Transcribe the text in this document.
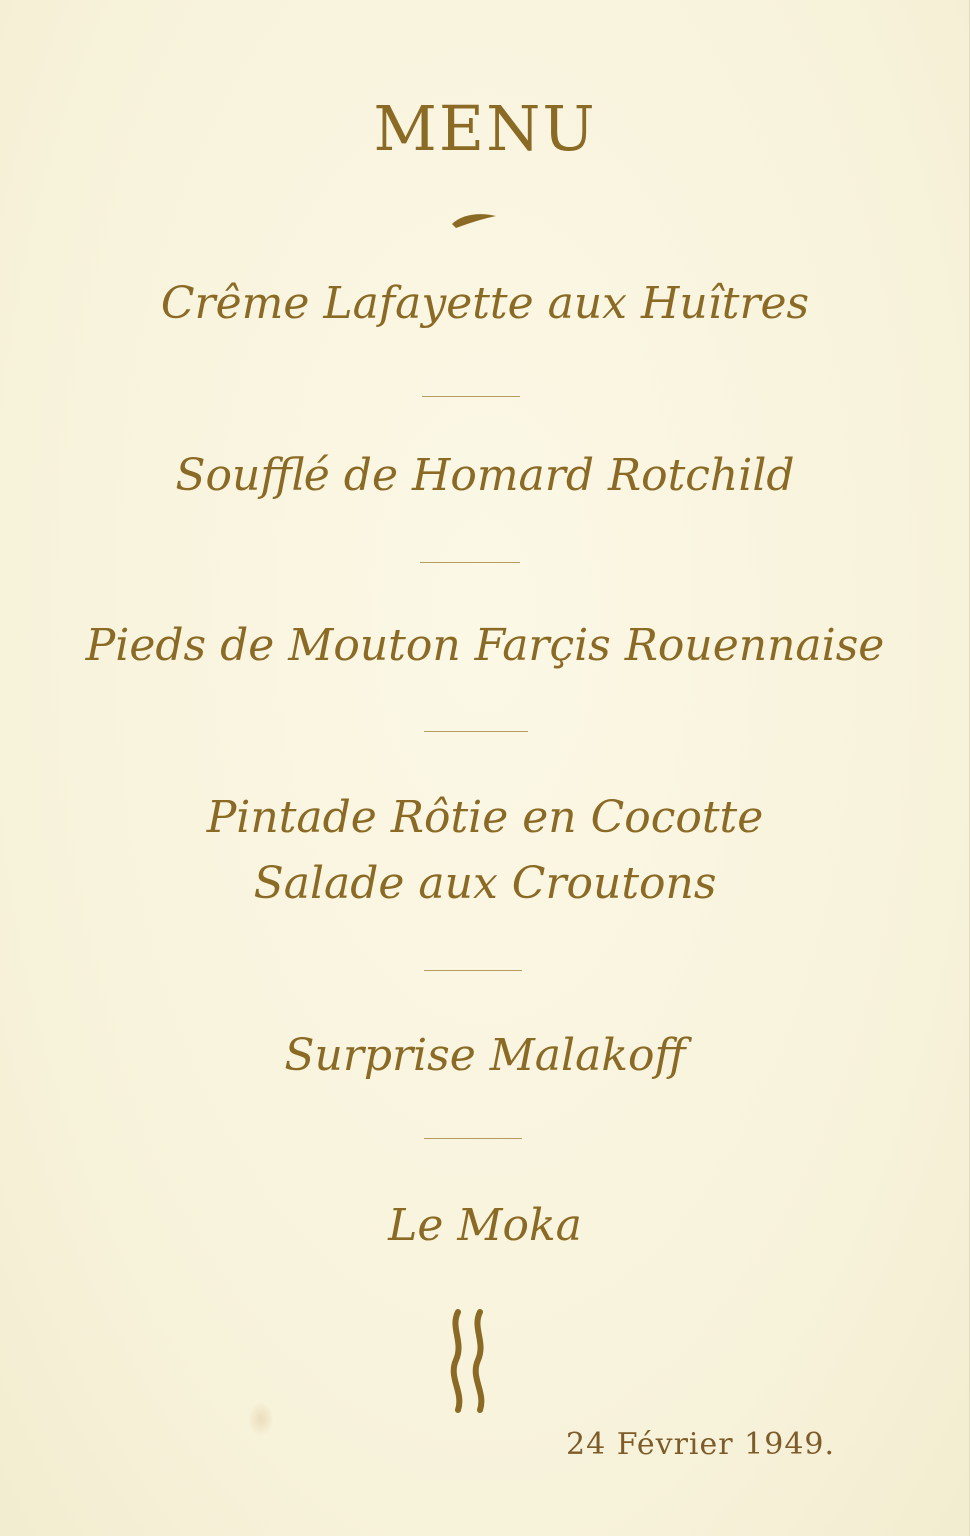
MENU
Crême Lafayette aux Huîtres
Soufflé de Homard Rotchild
Pieds de Mouton Farçis Rouennaise
Pintade Rôtie en Cocotte
Salade aux Croutons
Surprise Malakoff
Le Moka
24 Février 1949.
